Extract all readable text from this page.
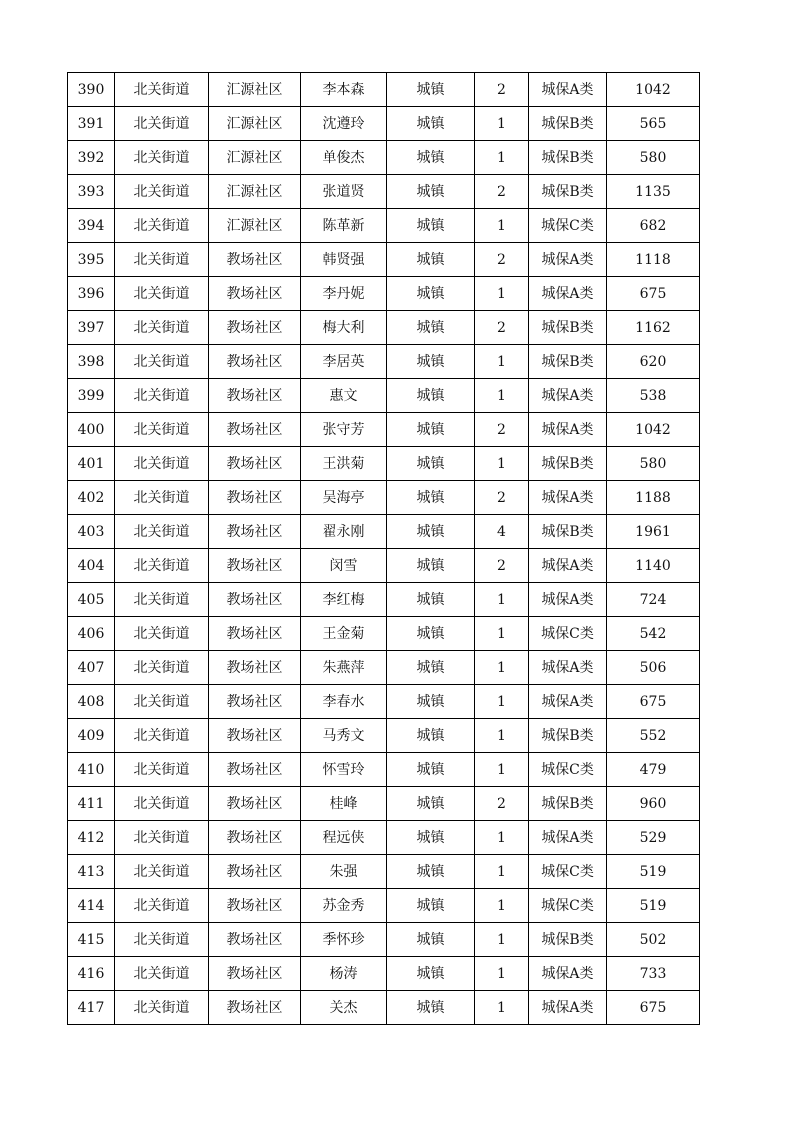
390	北关街道	汇源社区	李本森	城镇	2	城保A类	1042
391	北关街道	汇源社区	沈遵玲	城镇	1	城保B类	565
392	北关街道	汇源社区	单俊杰	城镇	1	城保B类	580
393	北关街道	汇源社区	张道贤	城镇	2	城保B类	1135
394	北关街道	汇源社区	陈革新	城镇	1	城保C类	682
395	北关街道	教场社区	韩贤强	城镇	2	城保A类	1118
396	北关街道	教场社区	李丹妮	城镇	1	城保A类	675
397	北关街道	教场社区	梅大利	城镇	2	城保B类	1162
398	北关街道	教场社区	李居英	城镇	1	城保B类	620
399	北关街道	教场社区	惠文	城镇	1	城保A类	538
400	北关街道	教场社区	张守芳	城镇	2	城保A类	1042
401	北关街道	教场社区	王洪菊	城镇	1	城保B类	580
402	北关街道	教场社区	吴海亭	城镇	2	城保A类	1188
403	北关街道	教场社区	翟永刚	城镇	4	城保B类	1961
404	北关街道	教场社区	闵雪	城镇	2	城保A类	1140
405	北关街道	教场社区	李红梅	城镇	1	城保A类	724
406	北关街道	教场社区	王金菊	城镇	1	城保C类	542
407	北关街道	教场社区	朱燕萍	城镇	1	城保A类	506
408	北关街道	教场社区	李春水	城镇	1	城保A类	675
409	北关街道	教场社区	马秀文	城镇	1	城保B类	552
410	北关街道	教场社区	怀雪玲	城镇	1	城保C类	479
411	北关街道	教场社区	桂峰	城镇	2	城保B类	960
412	北关街道	教场社区	程远侠	城镇	1	城保A类	529
413	北关街道	教场社区	朱强	城镇	1	城保C类	519
414	北关街道	教场社区	苏金秀	城镇	1	城保C类	519
415	北关街道	教场社区	季怀珍	城镇	1	城保B类	502
416	北关街道	教场社区	杨涛	城镇	1	城保A类	733
417	北关街道	教场社区	关杰	城镇	1	城保A类	675
